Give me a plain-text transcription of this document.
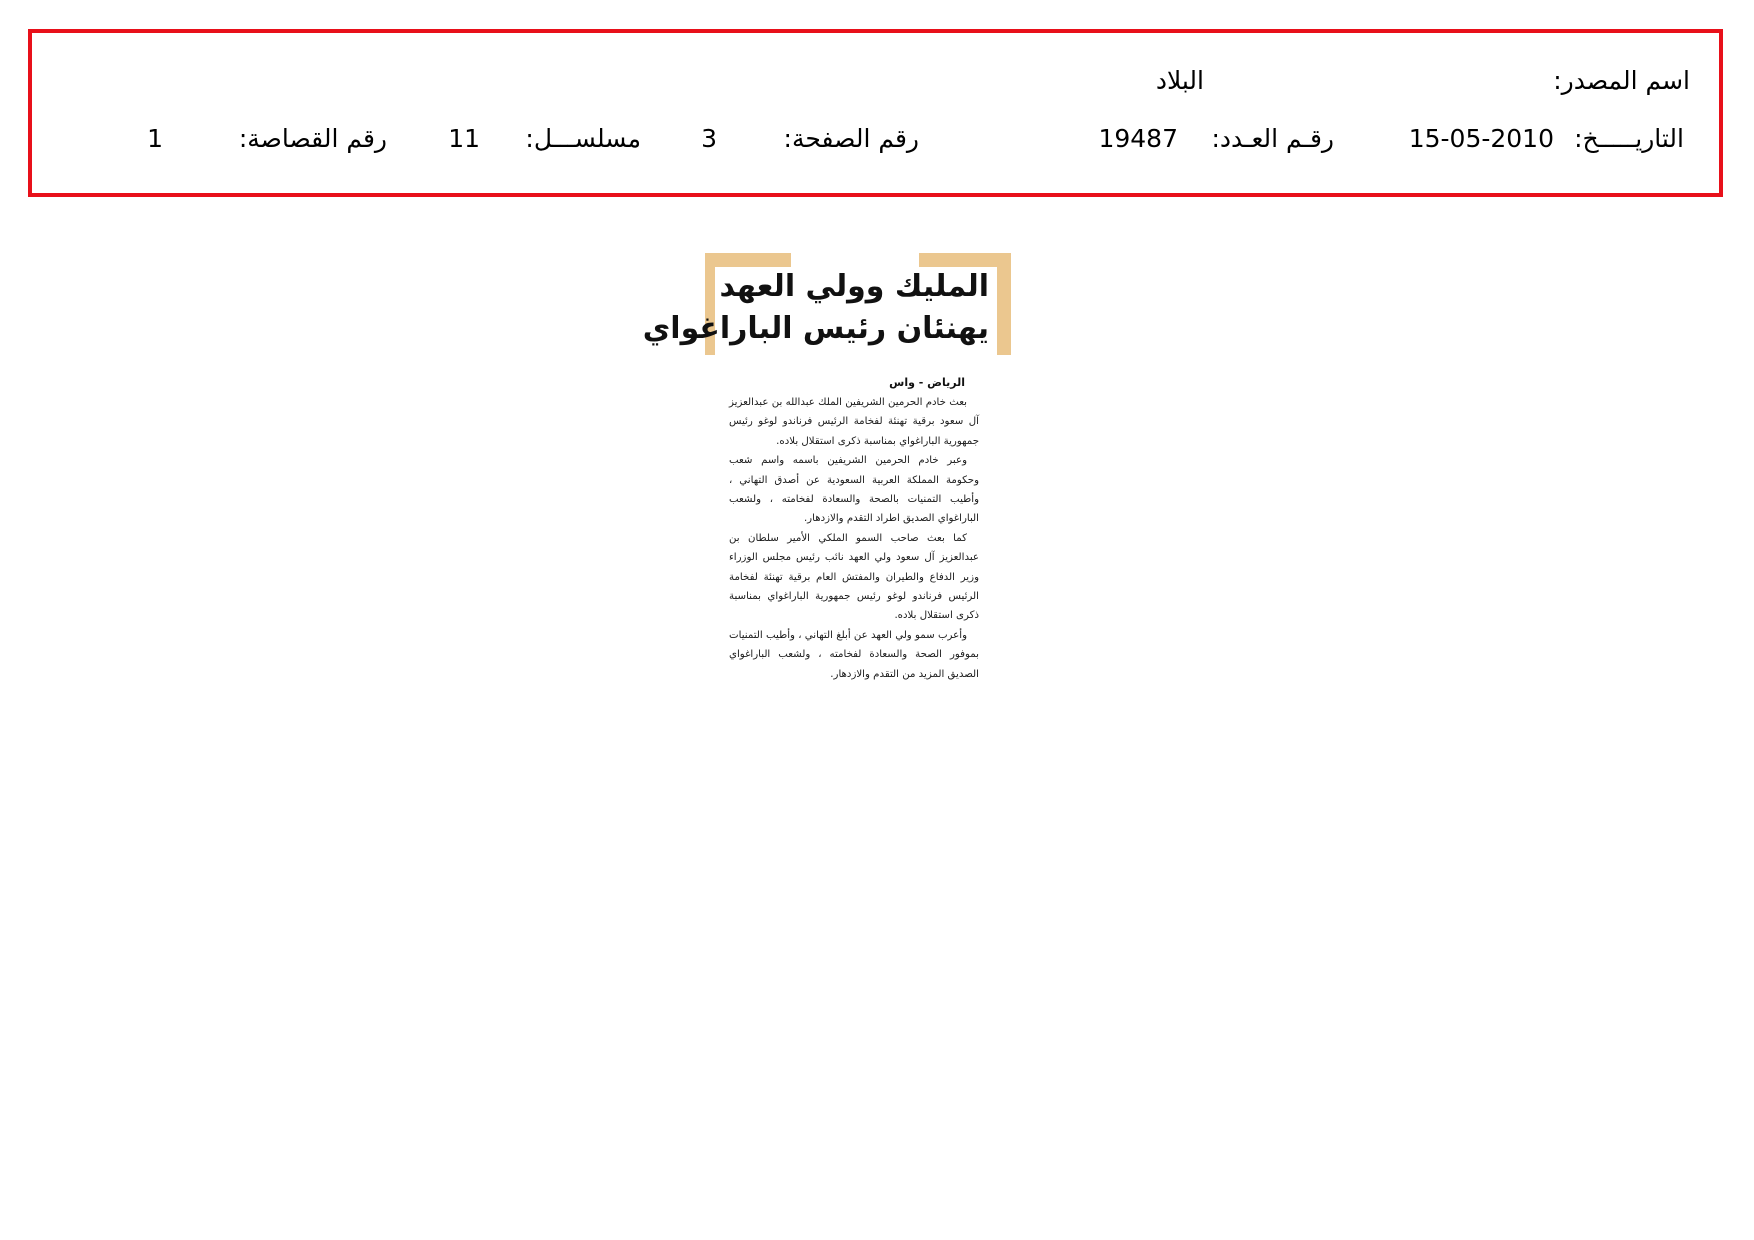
اسم المصدر:
البلاد
التاريـــــخ:
15-05-2010
رقـم العـدد:
19487
رقم الصفحة:
3
مسلســـل:
11
رقم القصاصة:
1
المليك وولي العهد
يهنئان رئيس الباراغواي
الرياض - واس

بعث خادم الحرمين الشريفين الملك عبدالله بن عبدالعزيز آل سعود برقية تهنئة لفخامة الرئيس فرناندو لوغو رئيس جمهورية الباراغواي بمناسبة ذكرى استقلال بلاده.

وعبر خادم الحرمين الشريفين باسمه واسم شعب وحكومة المملكة العربية السعودية عن أصدق التهاني ، وأطيب التمنيات بالصحة والسعادة لفخامته ، ولشعب الباراغواي الصديق اطراد التقدم والازدهار.

كما بعث صاحب السمو الملكي الأمير سلطان بن عبدالعزيز آل سعود ولي العهد نائب رئيس مجلس الوزراء وزير الدفاع والطيران والمفتش العام برقية تهنئة لفخامة الرئيس فرناندو لوغو رئيس جمهورية الباراغواي بمناسبة ذكرى استقلال بلاده.

وأعرب سمو ولي العهد عن أبلغ التهاني ، وأطيب التمنيات بموفور الصحة والسعادة لفخامته ، ولشعب الباراغواي الصديق المزيد من التقدم والازدهار.
